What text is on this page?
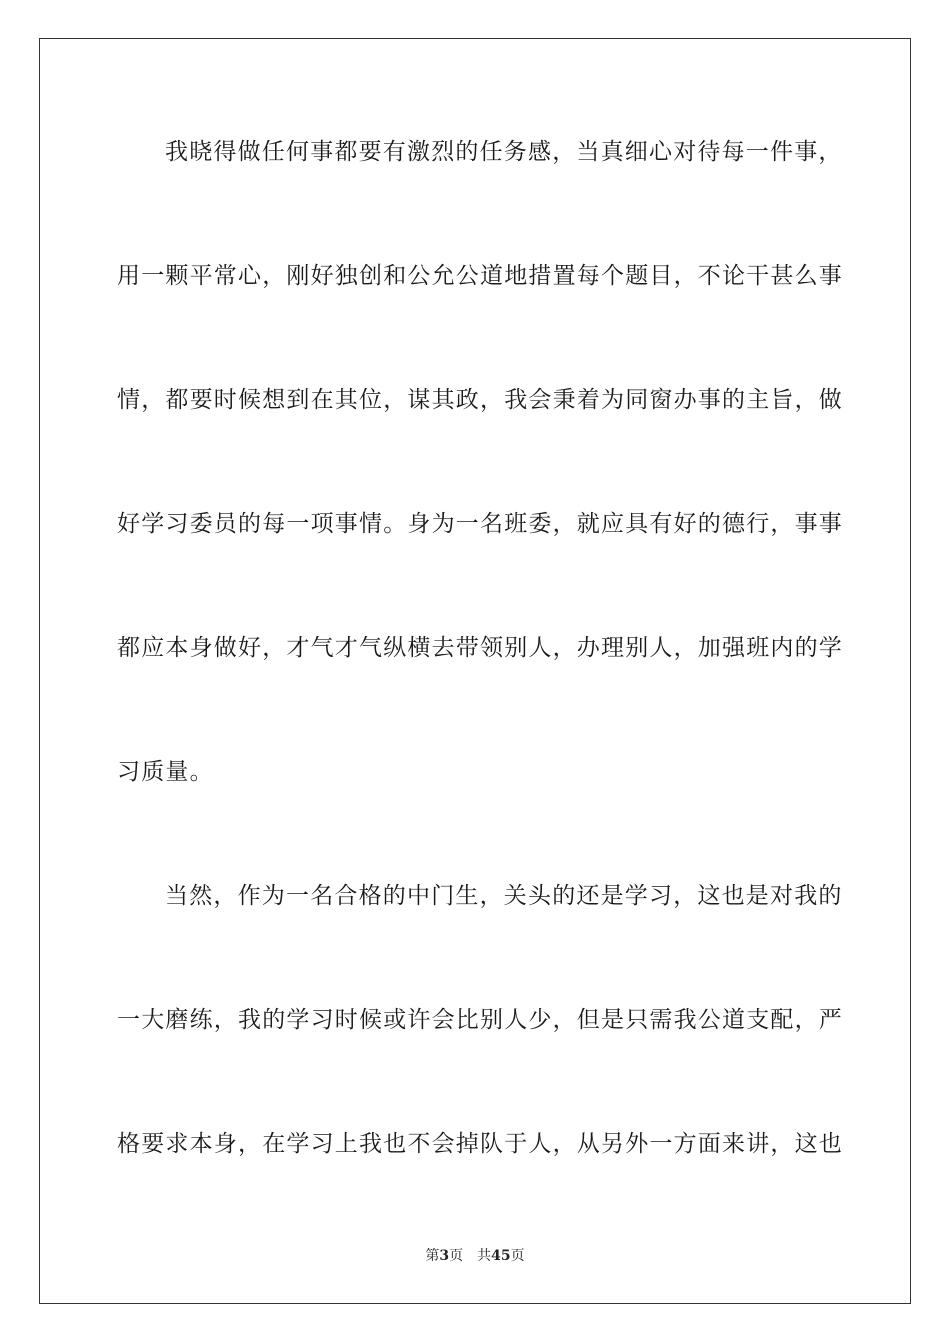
我晓得做任何事都要有激烈的任务感，当真细心对待每一件事，
用一颗平常心，刚好独创和公允公道地措置每个题目，不论干甚么事
情，都要时候想到在其位，谋其政，我会秉着为同窗办事的主旨，做
好学习委员的每一项事情。身为一名班委，就应具有好的德行，事事
都应本身做好，才气才气纵横去带领别人，办理别人，加强班内的学
习质量。
当然，作为一名合格的中门生，关头的还是学习，这也是对我的
一大磨练，我的学习时候或许会比别人少，但是只需我公道支配，严
格要求本身，在学习上我也不会掉队于人，从另外一方面来讲，这也
第3页 共45页
